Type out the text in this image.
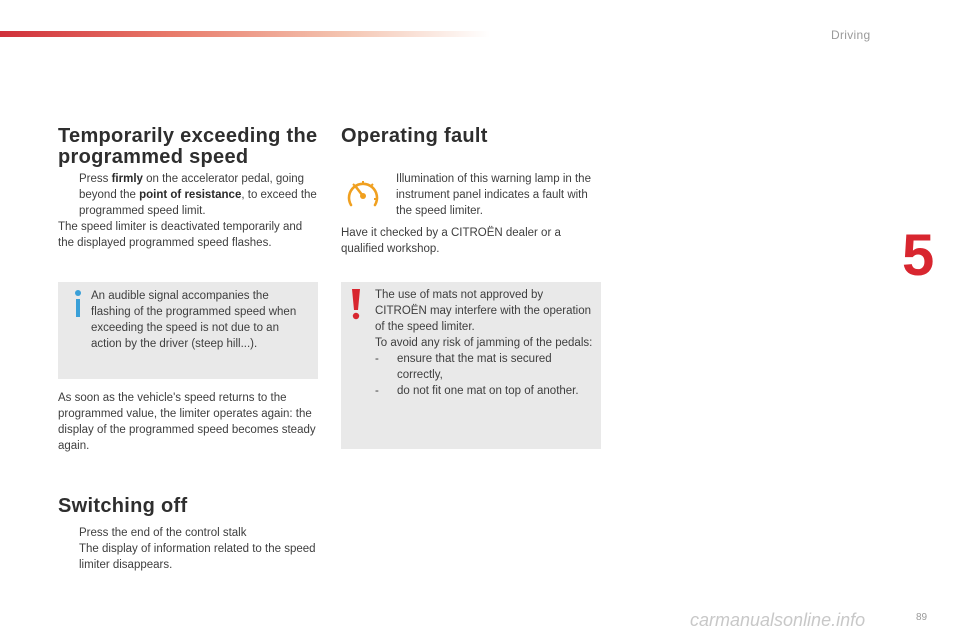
Driving
5
89
carmanualsonline.info
Temporarily exceeding the
programmed speed

Press firmly on the accelerator pedal, going beyond the point of resistance, to exceed the programmed speed limit.

The speed limiter is deactivated temporarily and the displayed programmed speed flashes.

An audible signal accompanies the flashing of the programmed speed when exceeding the speed is not due to an action by the driver (steep hill...).

As soon as the vehicle's speed returns to the programmed value, the limiter operates again: the display of the programmed speed becomes steady again.

Switching off

Press the end of the control stalk

The display of information related to the speed limiter disappears.

Operating fault

Illumination of this warning lamp in the instrument panel indicates a fault with the speed limiter.

Have it checked by a CITROËN dealer or a qualified workshop.

The use of mats not approved by CITROËN may interfere with the operation of the speed limiter.

To avoid any risk of jamming of the pedals:

-	ensure that the mat is secured correctly,
-	do not fit one mat on top of another.
